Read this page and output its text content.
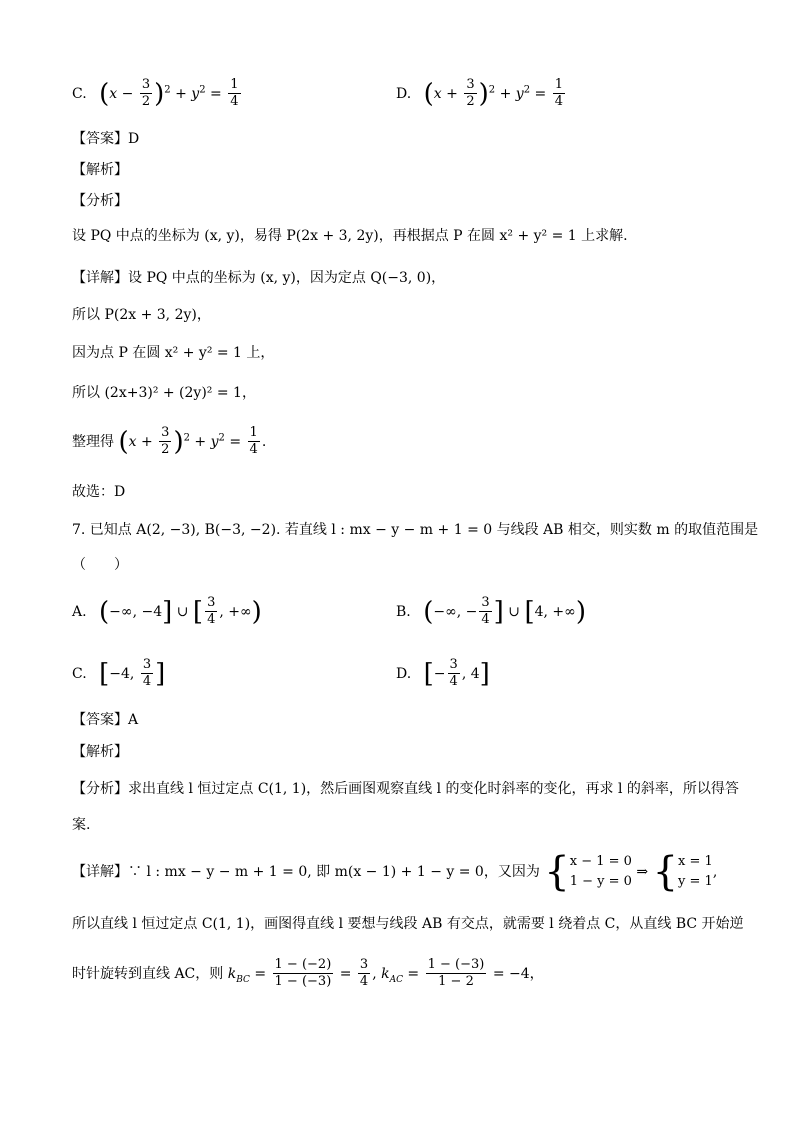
C. $(x - \frac{3}{2} )^2 + y^2 = \frac{1}{4}$	D. $(x + \frac{3}{2} )^2 + y^2 = \frac{1}{4}$
【答案】D
【解析】
【分析】
设 PQ 中点的坐标为 (x, y)，易得 P(2x + 3, 2y)，再根据点 P 在圆 x² + y² = 1 上求解.
【详解】设 PQ 中点的坐标为 (x, y)，因为定点 Q(−3, 0)，
所以 P(2x + 3, 2y)，
因为点 P 在圆 x² + y² = 1 上，
所以 (2x+3)² + (2y)² = 1，
整理得 $(x + \frac{3}{2} )^2 + y^2 = \frac{1}{4}$ .
故选：D
7. 已知点 A(2, −3), B(−3, −2). 若直线 l : mx − y − m + 1 = 0 与线段 AB 相交，则实数 m 的取值范围是
（　　）
A. (−∞, −4] ∪ [ $\frac{3}{4}$ , +∞)	B. (−∞, − $\frac{3}{4}$ ] ∪ [4, +∞)
C. [−4, $\frac{3}{4}$ ]	D. [− $\frac{3}{4}$ , 4]
【答案】A
【解析】
【分析】求出直线 l 恒过定点 C(1, 1)，然后画图观察直线 l 的变化时斜率的变化，再求 l 的斜率，所以得答
案.
【详解】∵ l : mx − y − m + 1 = 0, 即 m(x − 1) + 1 − y = 0，又因为 { x − 1 = 0
1 − y = 0
⇒ { x = 1
y = 1
,
所以直线 l 恒过定点 C(1, 1)，画图得直线 l 要想与线段 AB 有交点，就需要 l 绕着点 C，从直线 BC 开始逆
时针旋转到直线 AC，则 $k_{BC} = \frac{1 - (-2)}{1 - (-3)} = \frac{3}{4}$ , $k_{AC} = \frac{1 - (-3)}{1 - 2} = -4$，
